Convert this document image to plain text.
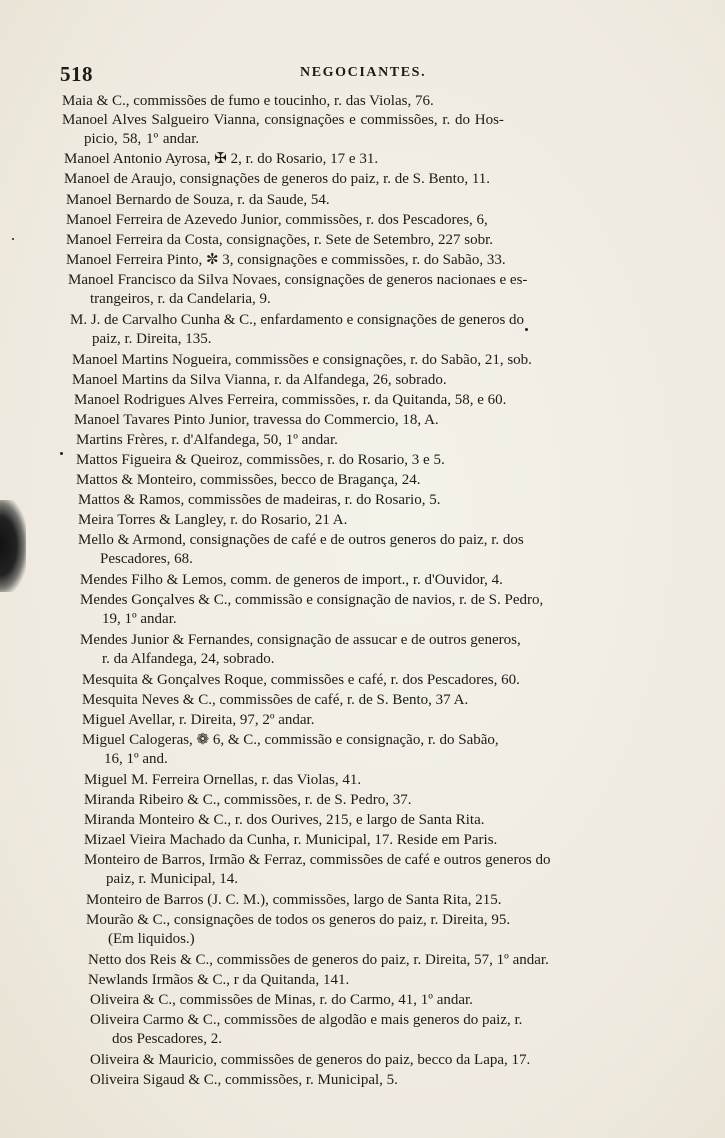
518	NEGOCIANTES.
Maia & C., commissões de fumo e toucinho, r. das Violas, 76.
Manoel Alves Salgueiro Vianna, consignações e commissões, r. do Hos-
picio, 58, 1º andar.
Manoel Antonio Ayrosa, ✠ 2, r. do Rosario, 17 e 31.
Manoel de Araujo, consignações de generos do paiz, r. de S. Bento, 11.
Manoel Bernardo de Souza, r. da Saude, 54.
Manoel Ferreira de Azevedo Junior, commissões, r. dos Pescadores, 6,
Manoel Ferreira da Costa, consignações, r. Sete de Setembro, 227 sobr.
Manoel Ferreira Pinto, ✼ 3, consignações e commissões, r. do Sabão, 33.
Manoel Francisco da Silva Novaes, consignações de generos nacionaes e es-
trangeiros, r. da Candelaria, 9.
M. J. de Carvalho Cunha & C., enfardamento e consignações de generos do
paiz, r. Direita, 135.
Manoel Martins Nogueira, commissões e consignações, r. do Sabão, 21, sob.
Manoel Martins da Silva Vianna, r. da Alfandega, 26, sobrado.
Manoel Rodrigues Alves Ferreira, commissões, r. da Quitanda, 58, e 60.
Manoel Tavares Pinto Junior, travessa do Commercio, 18, A.
Martins Frères, r. d'Alfandega, 50, 1º andar.
Mattos Figueira & Queiroz, commissões, r. do Rosario, 3 e 5.
Mattos & Monteiro, commissões, becco de Bragança, 24.
Mattos & Ramos, commissões de madeiras, r. do Rosario, 5.
Meira Torres & Langley, r. do Rosario, 21 A.
Mello & Armond, consignações de café e de outros generos do paiz, r. dos
Pescadores, 68.
Mendes Filho & Lemos, comm. de generos de import., r. d'Ouvidor, 4.
Mendes Gonçalves & C., commissão e consignação de navios, r. de S. Pedro,
19, 1º andar.
Mendes Junior & Fernandes, consignação de assucar e de outros generos,
r. da Alfandega, 24, sobrado.
Mesquita & Gonçalves Roque, commissões e café, r. dos Pescadores, 60.
Mesquita Neves & C., commissões de café, r. de S. Bento, 37 A.
Miguel Avellar, r. Direita, 97, 2º andar.
Miguel Calogeras, ❁ 6, & C., commissão e consignação, r. do Sabão,
16, 1º and.
Miguel M. Ferreira Ornellas, r. das Violas, 41.
Miranda Ribeiro & C., commissões, r. de S. Pedro, 37.
Miranda Monteiro & C., r. dos Ourives, 215, e largo de Santa Rita.
Mizael Vieira Machado da Cunha, r. Municipal, 17. Reside em Paris.
Monteiro de Barros, Irmão & Ferraz, commissões de café e outros generos do
paiz, r. Municipal, 14.
Monteiro de Barros (J. C. M.), commissões, largo de Santa Rita, 215.
Mourão & C., consignações de todos os generos do paiz, r. Direita, 95.
(Em liquidos.)
Netto dos Reis & C., commissões de generos do paiz, r. Direita, 57, 1º andar.
Newlands Irmãos & C., r da Quitanda, 141.
Oliveira & C., commissões de Minas, r. do Carmo, 41, 1º andar.
Oliveira Carmo & C., commissões de algodão e mais generos do paiz, r.
dos Pescadores, 2.
Oliveira & Mauricio, commissões de generos do paiz, becco da Lapa, 17.
Oliveira Sigaud & C., commissões, r. Municipal, 5.
